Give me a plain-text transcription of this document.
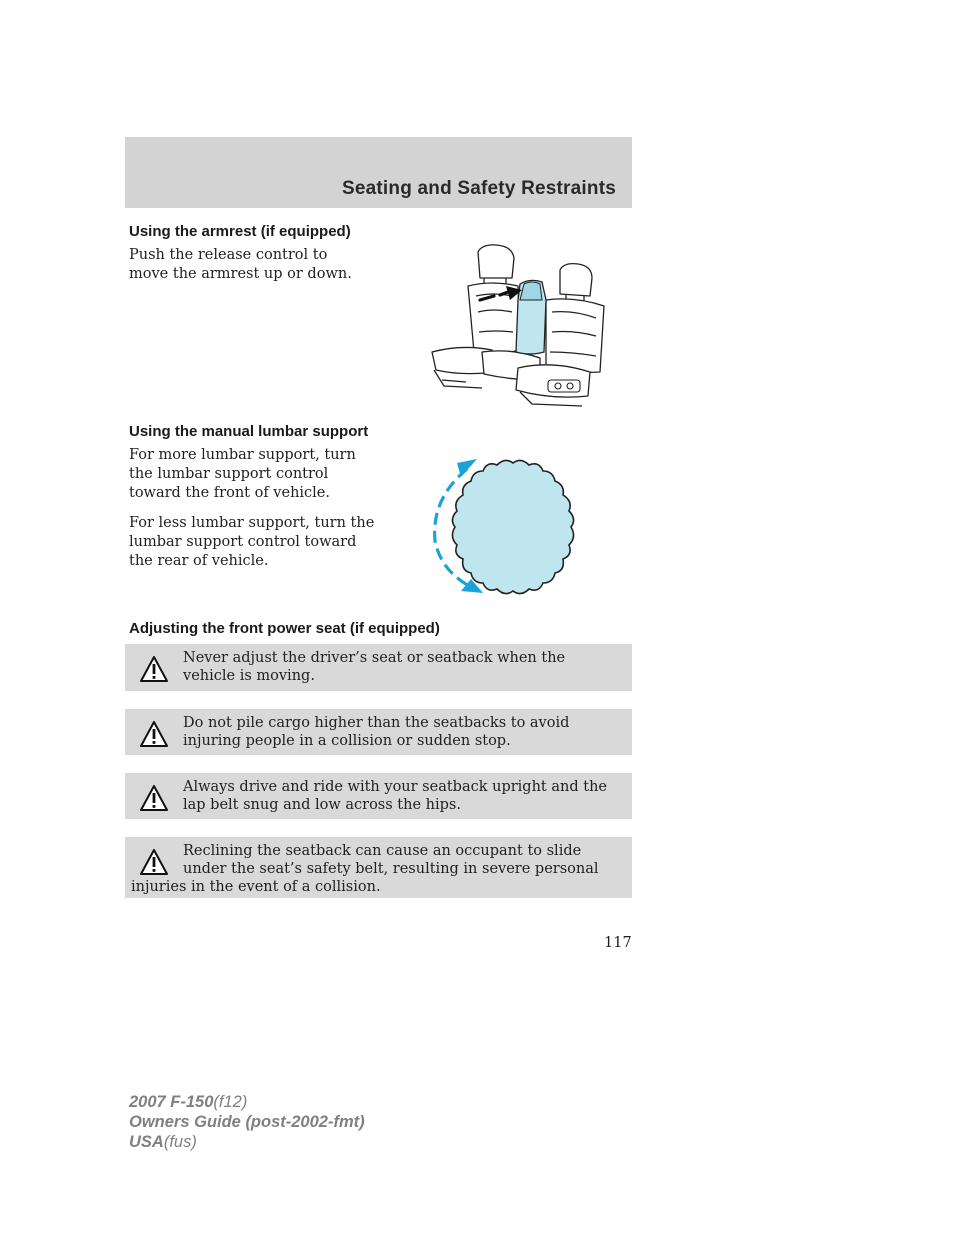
Seating and Safety Restraints
Using the armrest (if equipped)
Push the release control to move the armrest up or down.
Using the manual lumbar support
For more lumbar support, turn the lumbar support control toward the front of vehicle.
For less lumbar support, turn the lumbar support control toward the rear of vehicle.
Adjusting the front power seat (if equipped)
Never adjust the driver’s seat or seatback when the vehicle is moving.
Do not pile cargo higher than the seatbacks to avoid injuring people in a collision or sudden stop.
Always drive and ride with your seatback upright and the lap belt snug and low across the hips.
Reclining the seatback can cause an occupant to slide under the seat’s safety belt, resulting in severe personal injuries in the event of a collision.
117
2007 F-150(f12)
Owners Guide (post-2002-fmt)
USA(fus)
